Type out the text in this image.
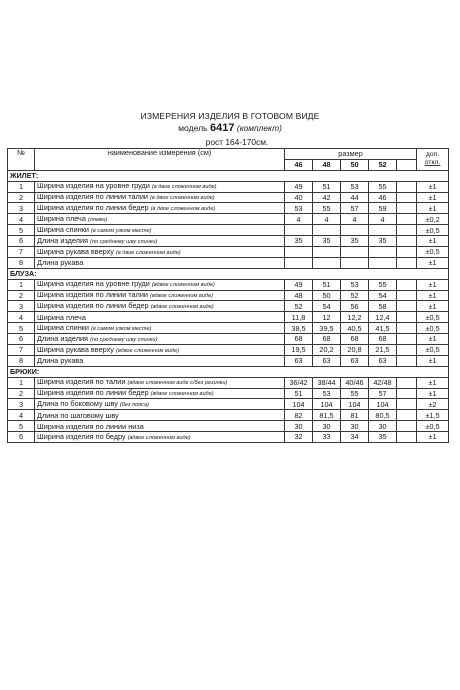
ИЗМЕРЕНИЯ ИЗДЕЛИЯ В ГОТОВОМ ВИДЕ
модель 6417 (комплект)
рост 164-170см.
№	наименование измерения (см)	размер					доп.
откл.

		46	48	50	52		
ЖИЛЕТ:							
1	Ширина изделия на уровне груди (в двое сложенном виде)	49	51	53	55		±1
2	Ширина изделия по линии талии (в двое сложенном виде)	40	42	44	46		±1
3	Ширина изделия по линии бедер (в двое сложенном виде)	53	55	57	59		±1
4	Ширина плеча (лямки)	4	4	4	4		±0,2
5	Ширина спинки (в самом узком месте)						±0,5
6	Длина изделия (по среднему шву спинки)	35	35	35	35		±1
7	Ширина рукава вверху (в двое сложенном виде)						±0,5
8	Длина рукава						±1
БЛУЗА:							
1	Ширина изделия на уровне груди (вдвое сложенном виде)	49	51	53	55		±1
2	Ширина изделия по линии талии (вдвое сложенном виде)	48	50	52	54		±1
3	Ширина изделия по линии бедер (вдвое сложенном виде)	52	54	56	58		±1
4	Ширина плеча	11,8	12	12,2	12,4		±0,5
5	Ширина спинки (в самом узком месте)	38,5	39,5	40,5	41,5		±0,5
6	Длина изделия (по среднему шву спинки)	68	68	68	68		±1
7	Ширина рукава вверху (вдвое сложенном виде)	19,5	20,2	20,8	21,5		±0,5
8	Длина рукава	63	63	63	63		±1
БРЮКИ:							
1	Ширина изделия по талии (вдвое сложенном виде с/без резинки)	36/42	38/44	40/46	42/48		±1
2	Ширина изделия по линии бедер (вдвое сложенном виде)	51	53	55	57		±1
3	Длина по боковому шву (без пояса)	104	104	104	104		±2
4	Длина по шаговому шву	82	81,5	81	80,5		±1,5
5	Ширина изделия по линии низа	30	30	30	30		±0,5
6	Ширина изделия по бедру (вдвое сложенном виде)	32	33	34	35		±1
